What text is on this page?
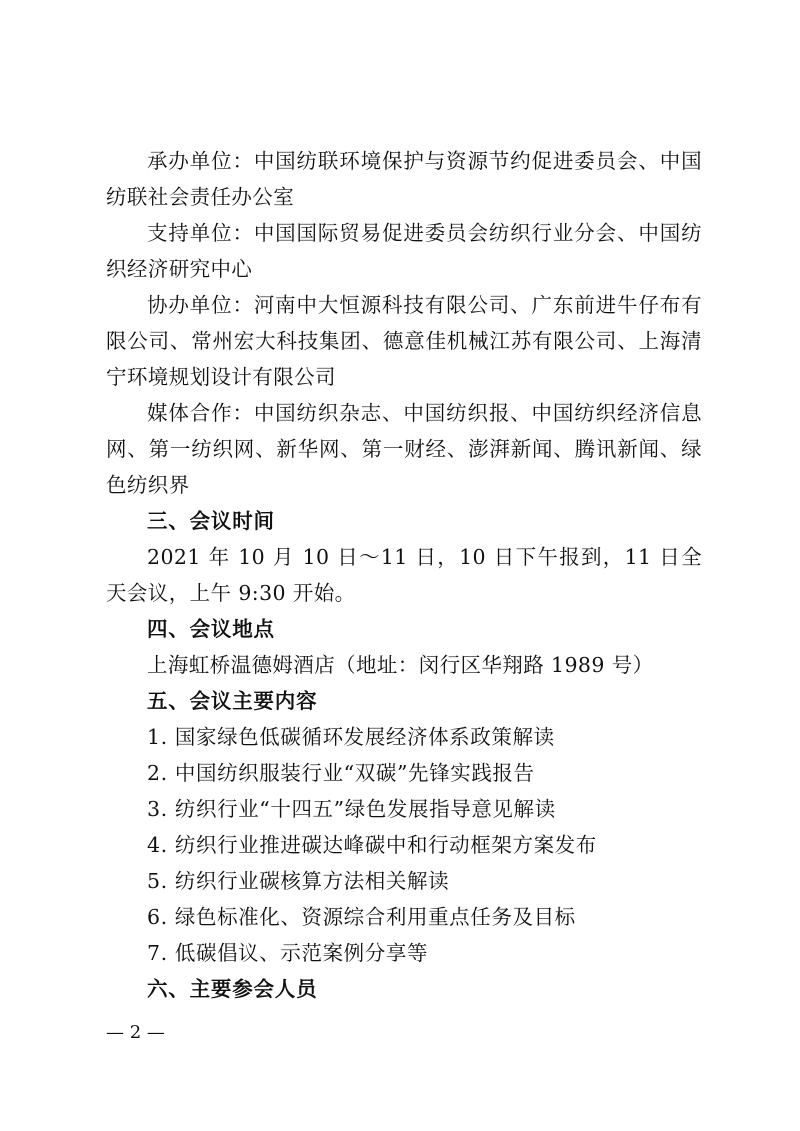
承办单位：中国纺联环境保护与资源节约促进委员会、中国纺联社会责任办公室

支持单位：中国国际贸易促进委员会纺织行业分会、中国纺织经济研究中心

协办单位：河南中大恒源科技有限公司、广东前进牛仔布有限公司、常州宏大科技集团、德意佳机械江苏有限公司、上海清宁环境规划设计有限公司

媒体合作：中国纺织杂志、中国纺织报、中国纺织经济信息网、第一纺织网、新华网、第一财经、澎湃新闻、腾讯新闻、绿色纺织界

三、会议时间

2021 年 10 月 10 日～11 日，10 日下午报到，11 日全天会议，上午 9:30 开始。

四、会议地点

上海虹桥温德姆酒店（地址：闵行区华翔路 1989 号）

五、会议主要内容

1. 国家绿色低碳循环发展经济体系政策解读

2. 中国纺织服装行业“双碳”先锋实践报告

3. 纺织行业“十四五”绿色发展指导意见解读

4. 纺织行业推进碳达峰碳中和行动框架方案发布

5. 纺织行业碳核算方法相关解读

6. 绿色标准化、资源综合利用重点任务及目标

7. 低碳倡议、示范案例分享等

六、主要参会人员

— 2 —
